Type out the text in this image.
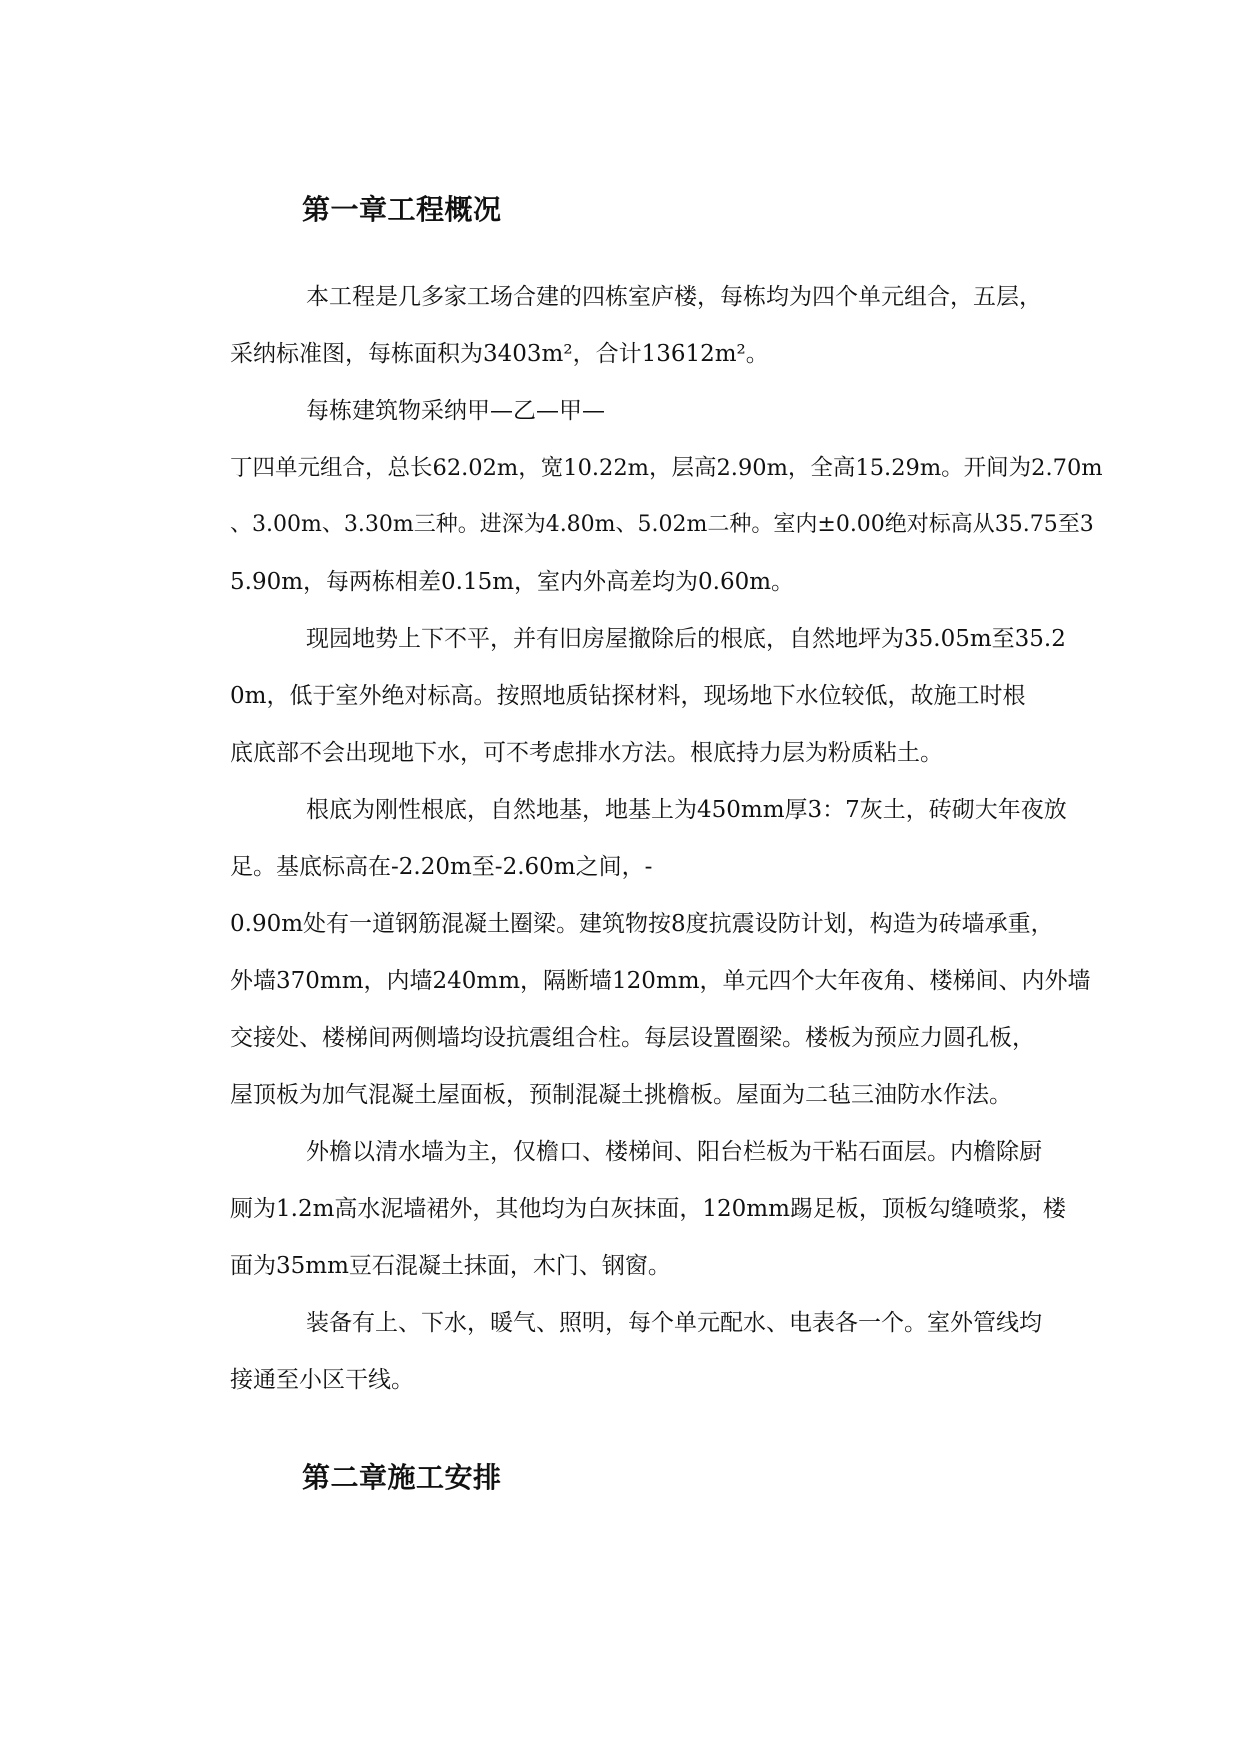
第一章工程概况
本工程是几多家工场合建的四栋室庐楼，每栋均为四个单元组合，五层，
采纳标准图，每栋面积为3403m²，合计13612m²。
每栋建筑物采纳甲—乙—甲—
丁四单元组合，总长62.02m，宽10.22m，层高2.90m，全高15.29m。开间为2.70m
、3.00m、3.30m三种。进深为4.80m、5.02m二种。室内±0.00绝对标高从35.75至3
5.90m，每两栋相差0.15m，室内外高差均为0.60m。
现园地势上下不平，并有旧房屋撤除后的根底，自然地坪为35.05m至35.2
0m，低于室外绝对标高。按照地质钻探材料，现场地下水位较低，故施工时根
底底部不会出现地下水，可不考虑排水方法。根底持力层为粉质粘土。
根底为刚性根底，自然地基，地基上为450mm厚3：7灰土，砖砌大年夜放
足。基底标高在-2.20m至-2.60m之间，-
0.90m处有一道钢筋混凝土圈梁。建筑物按8度抗震设防计划，构造为砖墙承重，
外墙370mm，内墙240mm，隔断墙120mm，单元四个大年夜角、楼梯间、内外墙
交接处、楼梯间两侧墙均设抗震组合柱。每层设置圈梁。楼板为预应力圆孔板，
屋顶板为加气混凝土屋面板，预制混凝土挑檐板。屋面为二毡三油防水作法。
外檐以清水墙为主，仅檐口、楼梯间、阳台栏板为干粘石面层。内檐除厨
厕为1.2m高水泥墙裙外，其他均为白灰抹面，120mm踢足板，顶板勾缝喷浆，楼
面为35mm豆石混凝土抹面，木门、钢窗。
装备有上、下水，暖气、照明，每个单元配水、电表各一个。室外管线均
接通至小区干线。
第二章施工安排
